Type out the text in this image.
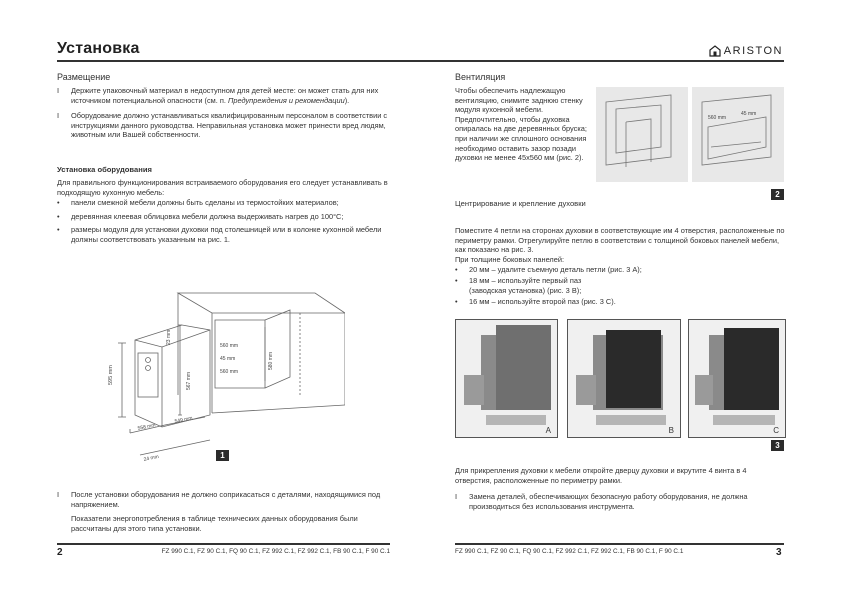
Установка	ARISTON
Размещение
I Держите упаковочный материал в недоступном для детей месте: он может стать для них источником потенциальной опасности (см. п. Предупреждения и рекомендации).
I Оборудование должно устанавливаться квалифицированным персоналом в соответствии с инструкциями данного руководства. Неправильная установка может принести вред людям, животным или Вашей собственности.
Установка оборудования
Для правильного функционирования встраиваемого оборудования его следует устанавливать в подходящую кухонную мебель:
• панели смежной мебели должны быть сделаны из термостойких материалов;
• деревянная клеевая облицовка мебели должна выдерживать нагрев до 100°C;
• размеры модуля для установки духовки под столешницей или в колонке кухонной мебели должны соответствовать указанным на рис. 1.
595 mm
23 mm
567 mm
558 mm
549 mm
24 mm
560 mm
45 mm
560 mm
580 mm
1
I После установки оборудования не должно соприкасаться с деталями, находящимися под напряжением.
Показатели энергопотребления в таблице технических данных оборудования были рассчитаны для этого типа установки.
2	FZ 990 C.1, FZ 90 C.1, FQ 90 C.1, FZ 992 C.1, FZ 992 C.1, FB 90 C.1, F 90 C.1
Вентиляция
Чтобы обеспечить надлежащую вентиляцию, снимите заднюю стенку модуля кухонной мебели. Предпочтительно, чтобы духовка опиралась на две деревянных бруска; при наличии же сплошного основания необходимо оставить зазор позади духовки не менее 45x560 мм (рис. 2).
560 mm
45 mm
2
Центрирование и крепление духовки
Поместите 4 петли на сторонах духовки в соответствующие им 4 отверстия, расположенные по периметру рамки. Отрегулируйте петлю в соответствии с толщиной боковых панелей мебели, как показано на рис. 3.
При толщине боковых панелей:
• 20 мм – удалите съемную деталь петли (рис. 3 A);
• 18 мм – используйте первый паз
(заводская установка) (рис. 3 B);
• 16 мм – используйте второй паз (рис. 3 C).
A	B	C
3
Для прикрепления духовки к мебели откройте дверцу духовки и вкрутите 4 винта в 4 отверстия, расположенные по периметру рамки.
I Замена деталей, обеспечивающих безопасную работу оборудования, не должна производиться без использования инструмента.
FZ 990 C.1, FZ 90 C.1, FQ 90 C.1, FZ 992 C.1, FZ 992 C.1, FB 90 C.1, F 90 C.1	3
